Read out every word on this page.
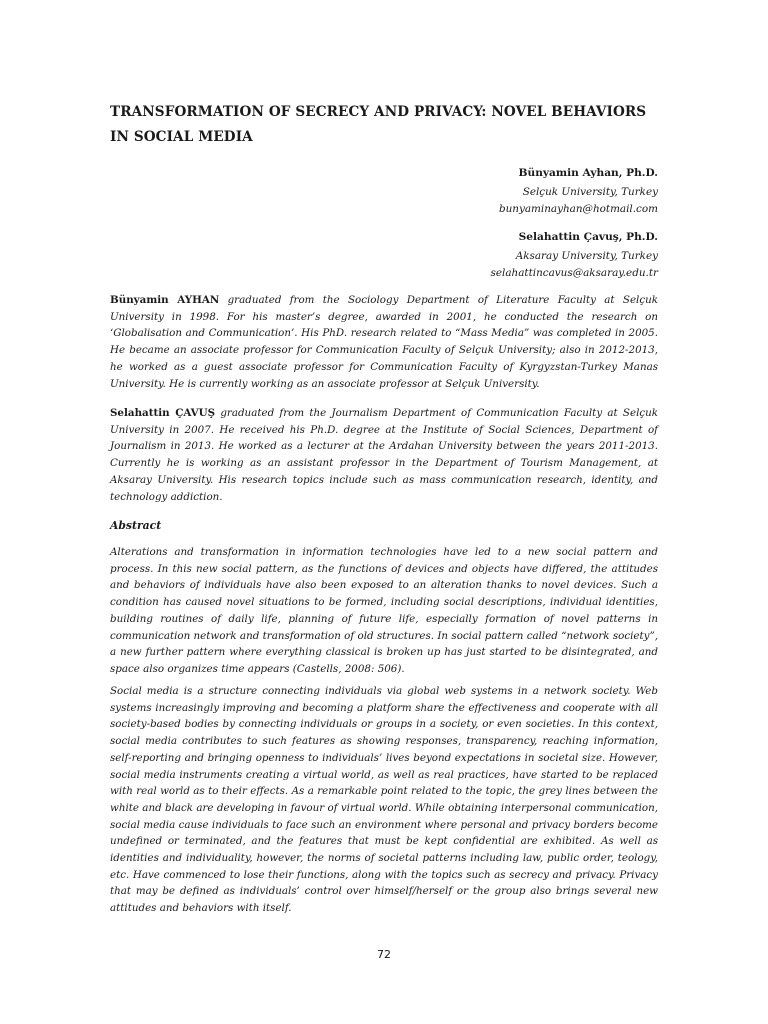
TRANSFORMATION OF SECRECY AND PRIVACY: NOVEL BEHAVIORS IN SOCIAL MEDIA
Bünyamin Ayhan, Ph.D.
Selçuk University, Turkey
bunyaminayhan@hotmail.com
Selahattin Çavuş, Ph.D.
Aksaray University, Turkey
selahattincavus@aksaray.edu.tr

Bünyamin AYHAN graduated from the Sociology Department of Literature Faculty at Selçuk University in 1998. For his master’s degree, awarded in 2001, he conducted the research on ‘Globalisation and Communication’. His PhD. research related to “Mass Media” was completed in 2005. He became an associate professor for Communication Faculty of Selçuk University; also in 2012-2013, he worked as a guest associate professor for Communication Faculty of Kyrgyzstan-Turkey Manas University. He is currently working as an associate professor at Selçuk University.

Selahattin ÇAVUŞ graduated from the Journalism Department of Communication Faculty at Selçuk University in 2007. He received his Ph.D. degree at the Institute of Social Sciences, Department of Journalism in 2013. He worked as a lecturer at the Ardahan University between the years 2011-2013. Currently he is working as an assistant professor in the Department of Tourism Management, at Aksaray University. His research topics include such as mass communication research, identity, and technology addiction.

Abstract

Alterations and transformation in information technologies have led to a new social pattern and process. In this new social pattern, as the functions of devices and objects have differed, the attitudes and behaviors of individuals have also been exposed to an alteration thanks to novel devices. Such a condition has caused novel situations to be formed, including social descriptions, individual identities, building routines of daily life, planning of future life, especially formation of novel patterns in communication network and transformation of old structures. In social pattern called “network society”, a new further pattern where everything classical is broken up has just started to be disintegrated, and space also organizes time appears (Castells, 2008: 506).

Social media is a structure connecting individuals via global web systems in a network society. Web systems increasingly improving and becoming a platform share the effectiveness and cooperate with all society-based bodies by connecting individuals or groups in a society, or even societies. In this context, social media contributes to such features as showing responses, transparency, reaching information, self-reporting and bringing openness to individuals’ lives beyond expectations in societal size. However, social media instruments creating a virtual world, as well as real practices, have started to be replaced with real world as to their effects. As a remarkable point related to the topic, the grey lines between the white and black are developing in favour of virtual world. While obtaining interpersonal communication, social media cause individuals to face such an environment where personal and privacy borders become undefined or terminated, and the features that must be kept confidential are exhibited. As well as identities and individuality, however, the norms of societal patterns including law, public order, teology, etc. Have commenced to lose their functions, along with the topics such as secrecy and privacy. Privacy that may be defined as individuals’ control over himself/herself or the group also brings several new attitudes and behaviors with itself.

72
